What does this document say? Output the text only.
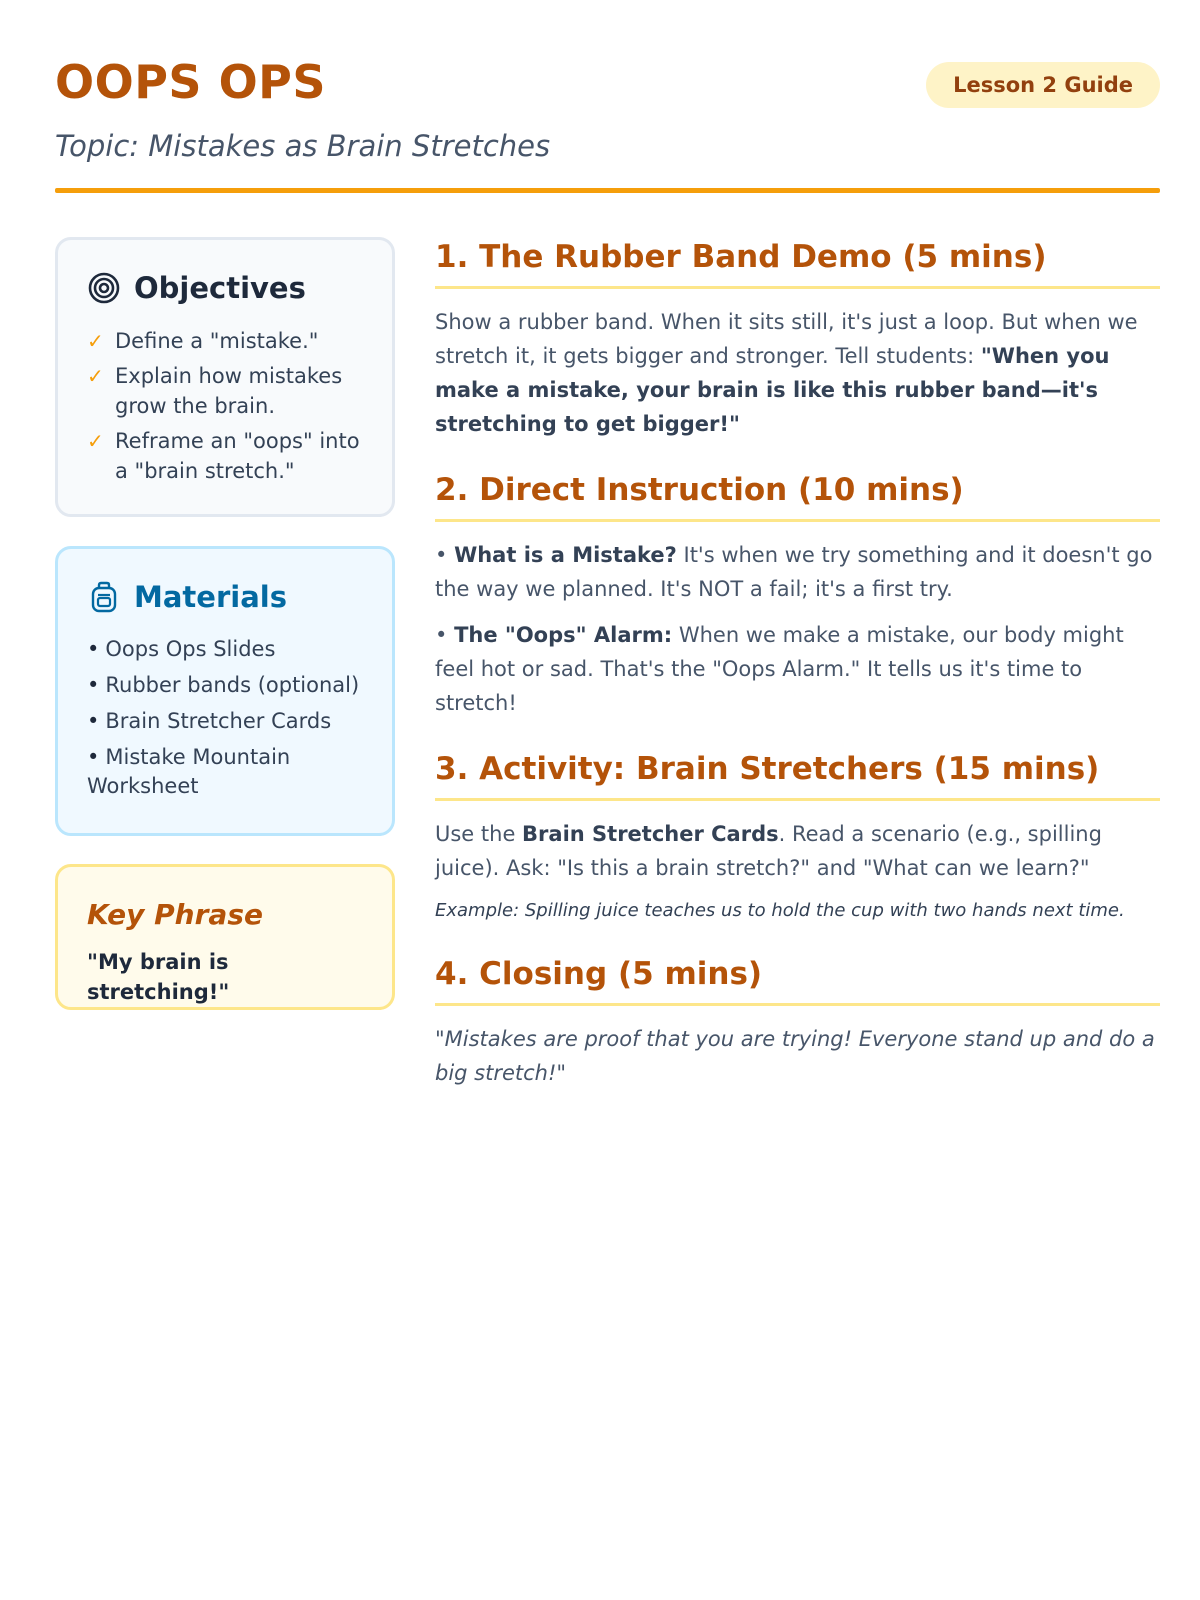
OOPS OPS	Lesson 2 Guide
Topic: Mistakes as Brain Stretches
Objectives
✓ Define a "mistake."
✓ Explain how mistakes grow the brain.
✓ Reframe an "oops" into a "brain stretch."
Materials
• Oops Ops Slides
• Rubber bands (optional)
• Brain Stretcher Cards
• Mistake Mountain Worksheet
Key Phrase
"My brain is stretching!"
1. The Rubber Band Demo (5 mins)

Show a rubber band. When it sits still, it's just a loop. But when we stretch it, it gets bigger and stronger. Tell students: "When you make a mistake, your brain is like this rubber band—it's stretching to get bigger!"

2. Direct Instruction (10 mins)

• What is a Mistake? It's when we try something and it doesn't go the way we planned. It's NOT a fail; it's a first try.

• The "Oops" Alarm: When we make a mistake, our body might feel hot or sad. That's the "Oops Alarm." It tells us it's time to stretch!

3. Activity: Brain Stretchers (15 mins)

Use the Brain Stretcher Cards. Read a scenario (e.g., spilling juice). Ask: "Is this a brain stretch?" and "What can we learn?"

Example: Spilling juice teaches us to hold the cup with two hands next time.

4. Closing (5 mins)

"Mistakes are proof that you are trying! Everyone stand up and do a big stretch!"
